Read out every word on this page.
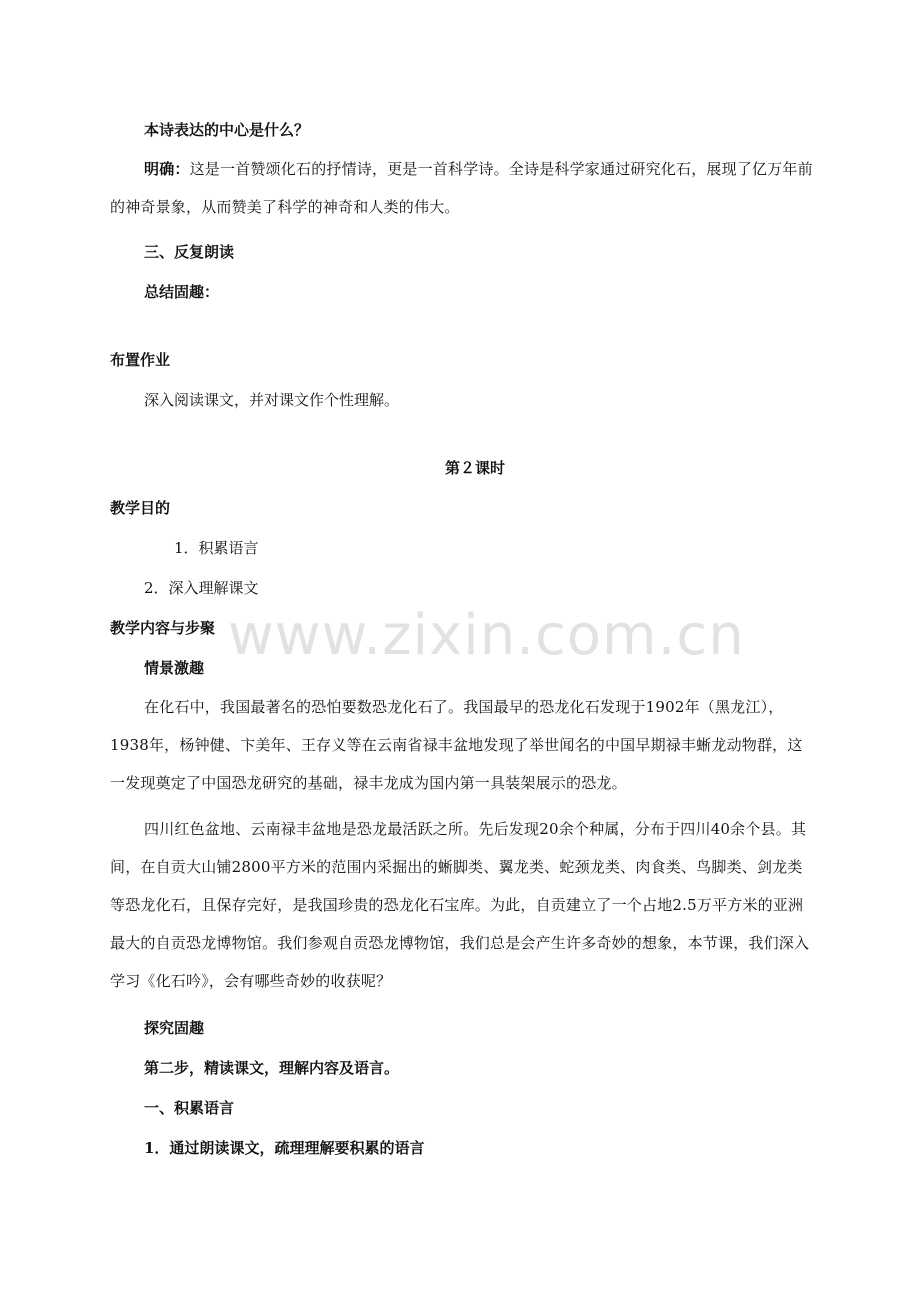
本诗表达的中心是什么？
明确：这是一首赞颂化石的抒情诗，更是一首科学诗。全诗是科学家通过研究化石，展现了亿万年前的神奇景象，从而赞美了科学的神奇和人类的伟大。
三、反复朗读
总结固趣：
布置作业
深入阅读课文，并对课文作个性理解。
第２课时
教学目的
1．积累语言
2．深入理解课文
教学内容与步聚
情景激趣
在化石中，我国最著名的恐怕要数恐龙化石了。我国最早的恐龙化石发现于1902年（黑龙江），1938年，杨钟健、卞美年、王存义等在云南省禄丰盆地发现了举世闻名的中国早期禄丰蜥龙动物群，这一发现奠定了中国恐龙研究的基础，禄丰龙成为国内第一具装架展示的恐龙。
四川红色盆地、云南禄丰盆地是恐龙最活跃之所。先后发现20余个种属，分布于四川40余个县。其间，在自贡大山铺2800平方米的范围内采掘出的蜥脚类、翼龙类、蛇颈龙类、肉食类、鸟脚类、剑龙类等恐龙化石，且保存完好，是我国珍贵的恐龙化石宝库。为此，自贡建立了一个占地2.5万平方米的亚洲最大的自贡恐龙博物馆。我们参观自贡恐龙博物馆，我们总是会产生许多奇妙的想象，本节课，我们深入学习《化石吟》，会有哪些奇妙的收获呢？
探究固趣
第二步，精读课文，理解内容及语言。
一、积累语言
1．通过朗读课文，疏理理解要积累的语言
www.zixin.com.cn
